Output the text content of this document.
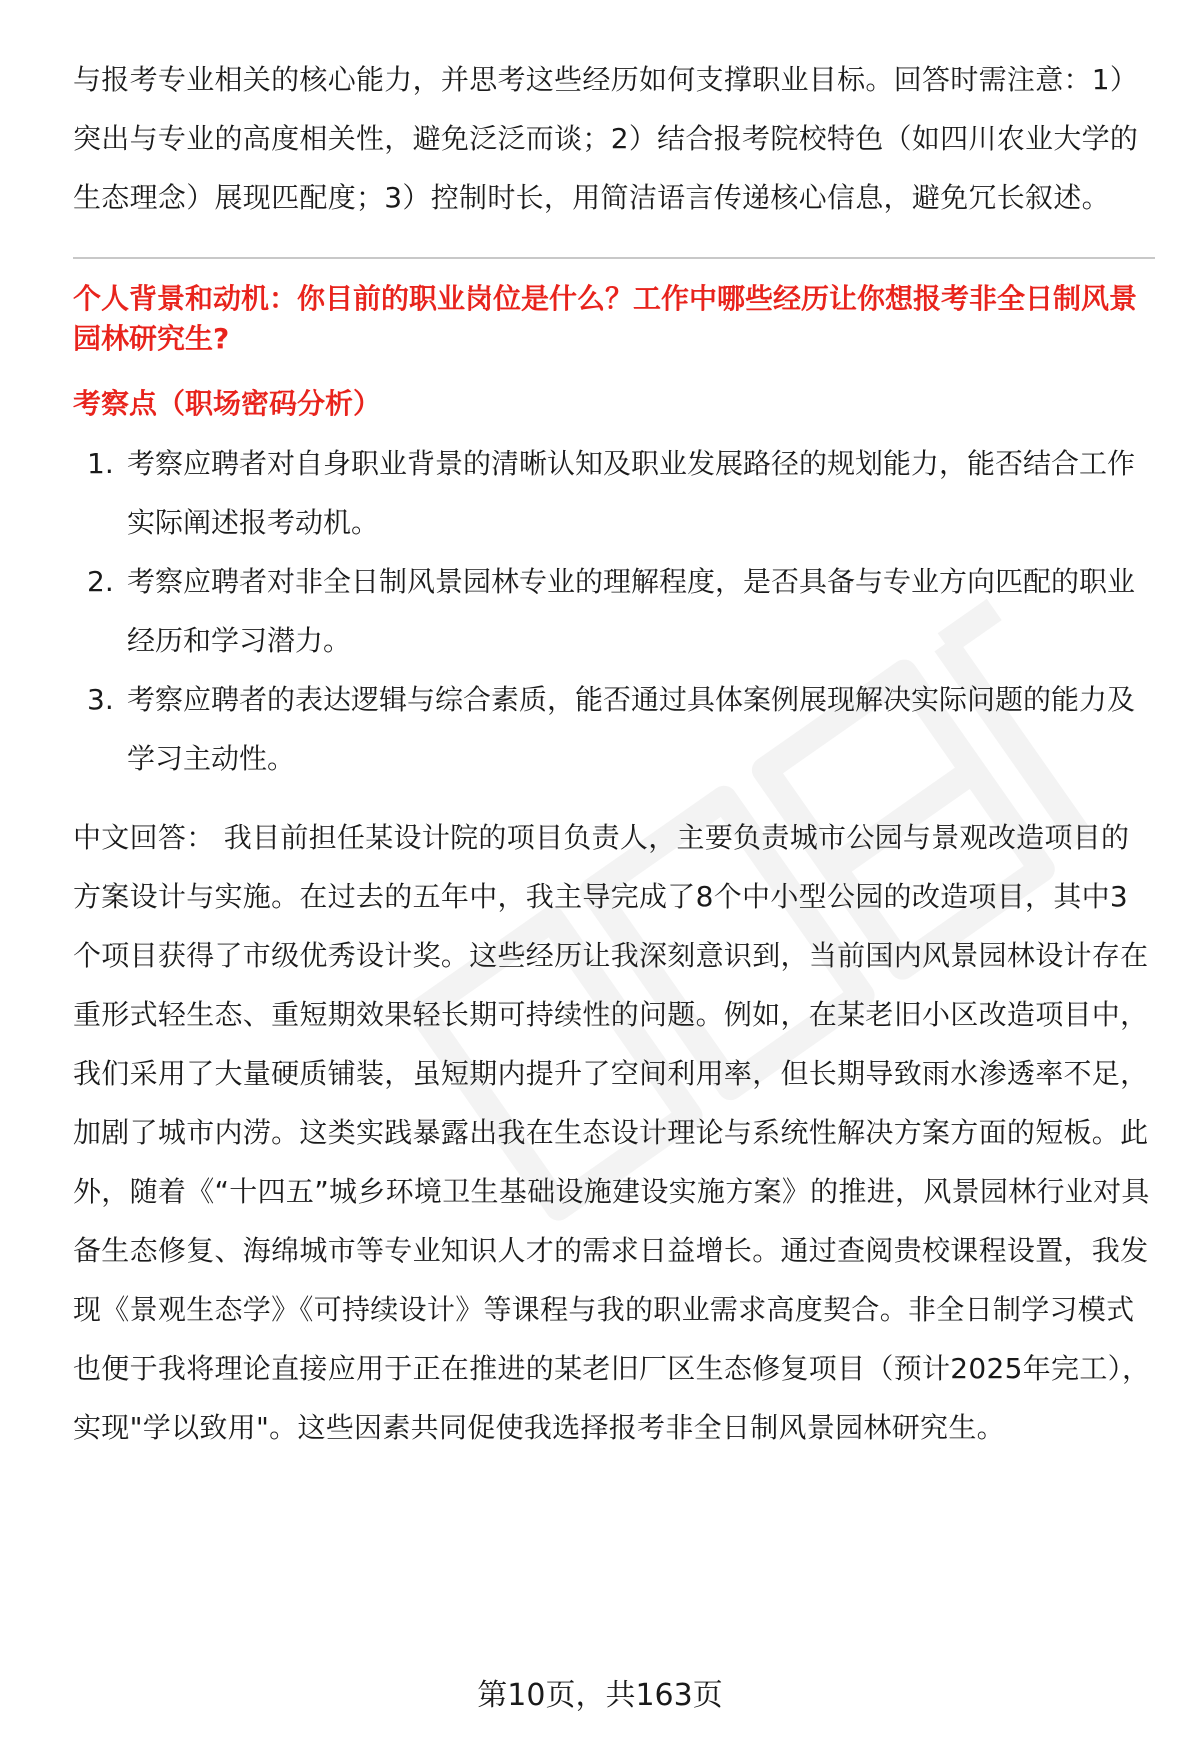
与报考专业相关的核心能力，并思考这些经历如何支撑职业目标。回答时需注意：1）突出与专业的高度相关性，避免泛泛而谈；2）结合报考院校特色（如四川农业大学的生态理念）展现匹配度；3）控制时长，用简洁语言传递核心信息，避免冗长叙述。

个人背景和动机：你目前的职业岗位是什么？工作中哪些经历让你想报考非全日制风景园林研究生?

考察点（职场密码分析）
1. 考察应聘者对自身职业背景的清晰认知及职业发展路径的规划能力，能否结合工作实际阐述报考动机。
2. 考察应聘者对非全日制风景园林专业的理解程度，是否具备与专业方向匹配的职业经历和学习潜力。
3. 考察应聘者的表达逻辑与综合素质，能否通过具体案例展现解决实际问题的能力及学习主动性。

中文回答： 我目前担任某设计院的项目负责人，主要负责城市公园与景观改造项目的方案设计与实施。在过去的五年中，我主导完成了8个中小型公园的改造项目，其中3个项目获得了市级优秀设计奖。这些经历让我深刻意识到，当前国内风景园林设计存在重形式轻生态、重短期效果轻长期可持续性的问题。例如，在某老旧小区改造项目中，我们采用了大量硬质铺装，虽短期内提升了空间利用率，但长期导致雨水渗透率不足，加剧了城市内涝。这类实践暴露出我在生态设计理论与系统性解决方案方面的短板。此外，随着《“十四五”城乡环境卫生基础设施建设实施方案》的推进，风景园林行业对具备生态修复、海绵城市等专业知识人才的需求日益增长。通过查阅贵校课程设置，我发现《景观生态学》《可持续设计》等课程与我的职业需求高度契合。非全日制学习模式也便于我将理论直接应用于正在推进的某老旧厂区生态修复项目（预计2025年完工），实现"学以致用"。这些因素共同促使我选择报考非全日制风景园林研究生。

第10页，共163页
